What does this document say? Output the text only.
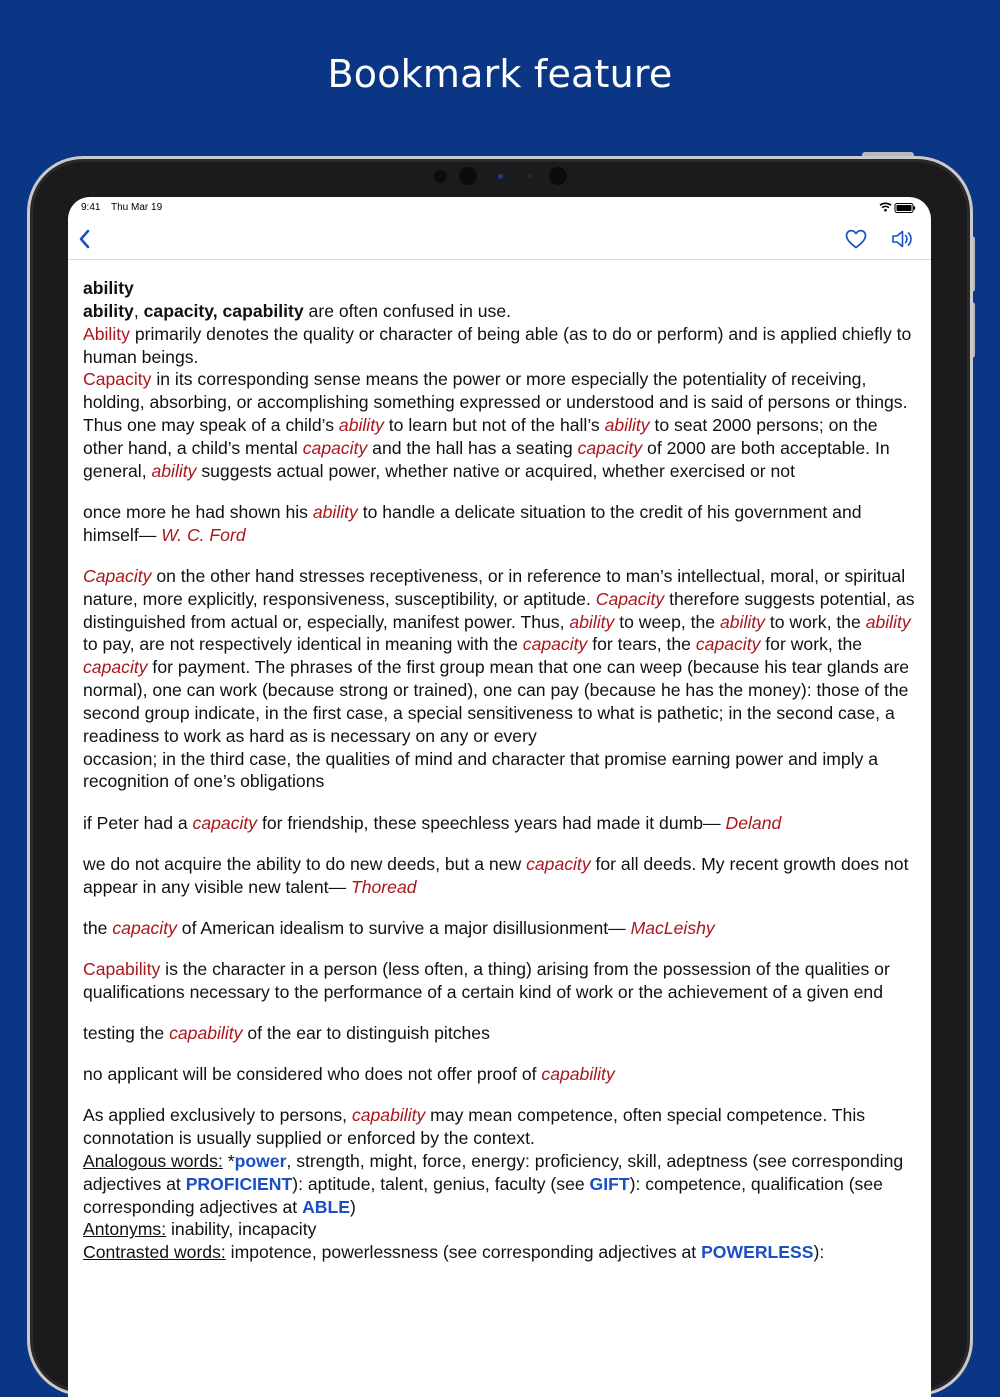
Bookmark feature
9:41 Thu Mar 19

ability

ability, capacity, capability are often confused in use.

Ability primarily denotes the quality or character of being able (as to do or perform) and is applied chiefly to human beings.

Capacity in its corresponding sense means the power or more especially the potentiality of receiving, holding, absorbing, or accomplishing something expressed or understood and is said of persons or things. Thus one may speak of a child’s ability to learn but not of the hall’s ability to seat 2000 persons; on the other hand, a child’s mental capacity and the hall has a seating capacity of 2000 are both acceptable. In general, ability suggests actual power, whether native or acquired, whether exercised or not

once more he had shown his ability to handle a delicate situation to the credit of his government and himself— W. C. Ford

Capacity on the other hand stresses receptiveness, or in reference to man’s intellectual, moral, or spiritual nature, more explicitly, responsiveness, susceptibility, or aptitude. Capacity therefore suggests potential, as distinguished from actual or, especially, manifest power. Thus, ability to weep, the ability to work, the ability to pay, are not respectively identical in meaning with the capacity for tears, the capacity for work, the capacity for payment. The phrases of the first group mean that one can weep (because his tear glands are normal), one can work (because strong or trained), one can pay (because he has the money): those of the second group indicate, in the first case, a special sensitiveness to what is pathetic; in the second case, a readiness to work as hard as is necessary on any or every
occasion; in the third case, the qualities of mind and character that promise earning power and imply a recognition of one’s obligations

if Peter had a capacity for friendship, these speechless years had made it dumb— Deland

we do not acquire the ability to do new deeds, but a new capacity for all deeds. My recent growth does not appear in any visible new talent— Thoread

the capacity of American idealism to survive a major disillusionment— MacLeishy

Capability is the character in a person (less often, a thing) arising from the possession of the qualities or qualifications necessary to the performance of a certain kind of work or the achievement of a given end

testing the capability of the ear to distinguish pitches

no applicant will be considered who does not offer proof of capability

As applied exclusively to persons, capability may mean competence, often special competence. This connotation is usually supplied or enforced by the context.

Analogous words: *power, strength, might, force, energy: proficiency, skill, adeptness (see corresponding adjectives at PROFICIENT): aptitude, talent, genius, faculty (see GIFT): competence, qualification (see corresponding adjectives at ABLE)

Antonyms: inability, incapacity

Contrasted words: impotence, powerlessness (see corresponding adjectives at POWERLESS):
